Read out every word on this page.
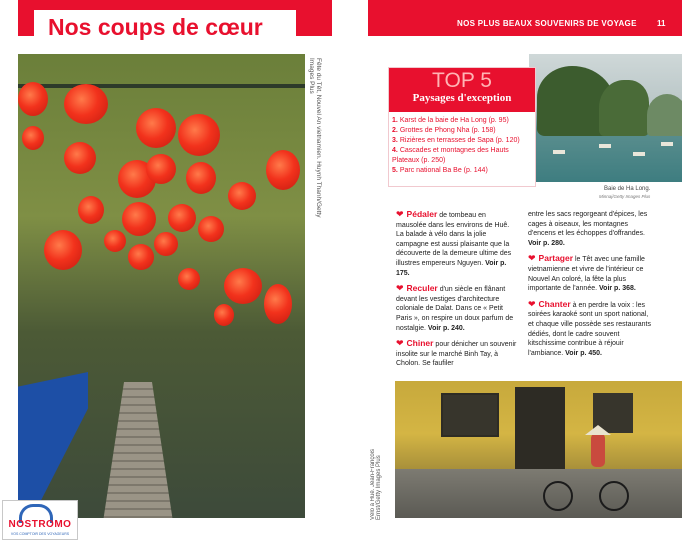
Nos coups de cœur
Fête du Têt, Nouvel An vietnamien. Huynh Thanh/Getty Images Plus
NOSTROMO
VOS COMPTOIR DES VOYAGEURS
NOS PLUS BEAUX SOUVENIRS DE VOYAGE	11
Baie de Ha Long.
Minnaj/Getty Images Plus
TOP 5
Paysages d'exception
1. Karst de la baie de Ha Long (p. 95)
2. Grottes de Phong Nha (p. 158)
3. Rizières en terrasses de Sapa (p. 120)
4. Cascades et montagnes des Hauts Plateaux (p. 250)
5. Parc national Ba Be (p. 144)
❤ Pédaler de tombeau en mausolée dans les environs de Huê. La balade à vélo dans la jolie campagne est aussi plaisante que la découverte de la demeure ultime des illustres empereurs Nguyen. Voir p. 175.
❤ Reculer d'un siècle en flânant devant les vestiges d'architecture coloniale de Dalat. Dans ce « Petit Paris », on respire un doux parfum de nostalgie. Voir p. 240.
❤ Chiner pour dénicher un souvenir insolite sur le marché Binh Tay, à Cholon. Se faufiler
entre les sacs regorgeant d'épices, les cages à oiseaux, les montagnes d'encens et les échoppes d'offrandes. Voir p. 280.
❤ Partager le Têt avec une famille vietnamienne et vivre de l'intérieur ce Nouvel An coloré, la fête la plus importante de l'année. Voir p. 368.
❤ Chanter à en perdre la voix : les soirées karaoké sont un sport national, et chaque ville possède ses restaurants dédiés, dont le cadre souvent kitschissime contribue à réjouir l'ambiance. Voir p. 450.
Vélo à Huê. Jean-François Ernst/Getty Images Plus
